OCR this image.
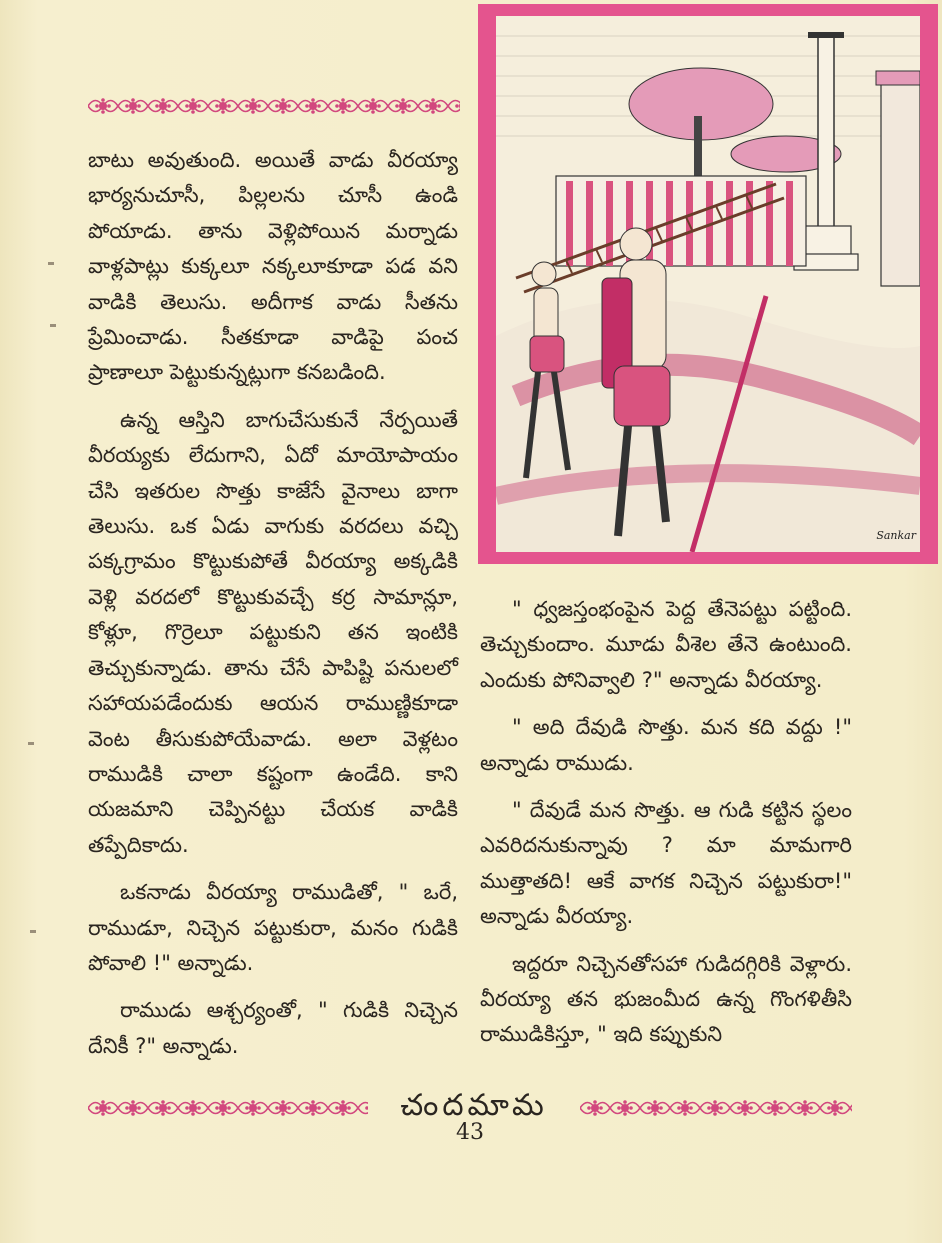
బాటు అవుతుంది. అయితే వాడు వీరయ్యా భార్యనుచూసీ, పిల్లలను చూసీ ఉండి పోయాడు. తాను వెళ్లిపోయిన మర్నాడు వాళ్లపాట్లు కుక్కలూ నక్కలూకూడా పడ వని వాడికి తెలుసు. అదీగాక వాడు సీతను ప్రేమించాడు. సీతకూడా వాడిపై పంచ ప్రాణాలూ పెట్టుకున్నట్లుగా కనబడింది.

ఉన్న ఆస్తిని బాగుచేసుకునే నేర్పయితే వీరయ్యకు లేదుగాని, ఏదో మాయోపాయం చేసి ఇతరుల సొత్తు కాజేసే వైనాలు బాగా తెలుసు. ఒక ఏడు వాగుకు వరదలు వచ్చి పక్కగ్రామం కొట్టుకుపోతే వీరయ్యా అక్కడికి వెళ్లి వరదలో కొట్టుకువచ్చే కర్ర సామాన్లూ, కోళ్లూ, గొర్రెలూ పట్టుకుని తన ఇంటికి తెచ్చుకున్నాడు. తాను చేసే పాపిష్టి పనులలో సహాయపడేందుకు ఆయన రాముణ్ణికూడా వెంట తీసుకుపోయేవాడు. అలా వెళ్లటం రాముడికి చాలా కష్టంగా ఉండేది. కాని యజమాని చెప్పినట్టు చేయక వాడికి తప్పేదికాదు.

ఒకనాడు వీరయ్యా రాముడితో, " ఒరే, రాముడూ, నిచ్చెన పట్టుకురా, మనం గుడికి పోవాలి !" అన్నాడు.

రాముడు ఆశ్చర్యంతో, " గుడికి నిచ్చెన దేనికీ ?" అన్నాడు.

Sankar

" ధ్వజస్తంభంపైన పెద్ద తేనెపట్టు పట్టింది. తెచ్చుకుందాం. మూడు వీశెల తేనె ఉంటుంది. ఎందుకు పోనివ్వాలి ?" అన్నాడు వీరయ్యా.

" అది దేవుడి సొత్తు. మన కది వద్దు !" అన్నాడు రాముడు.

" దేవుడే మన సొత్తు. ఆ గుడి కట్టిన స్థలం ఎవరిదనుకున్నావు ? మా మామగారి ముత్తాతది! ఆకే వాగక నిచ్చెన పట్టుకురా!" అన్నాడు వీరయ్యా.

ఇద్దరూ నిచ్చెనతోసహా గుడిదగ్గిరికి వెళ్లారు. వీరయ్యా తన భుజంమీద ఉన్న గొంగళితీసి రాముడికిస్తూ, " ఇది కప్పుకుని

చందమామ
43
